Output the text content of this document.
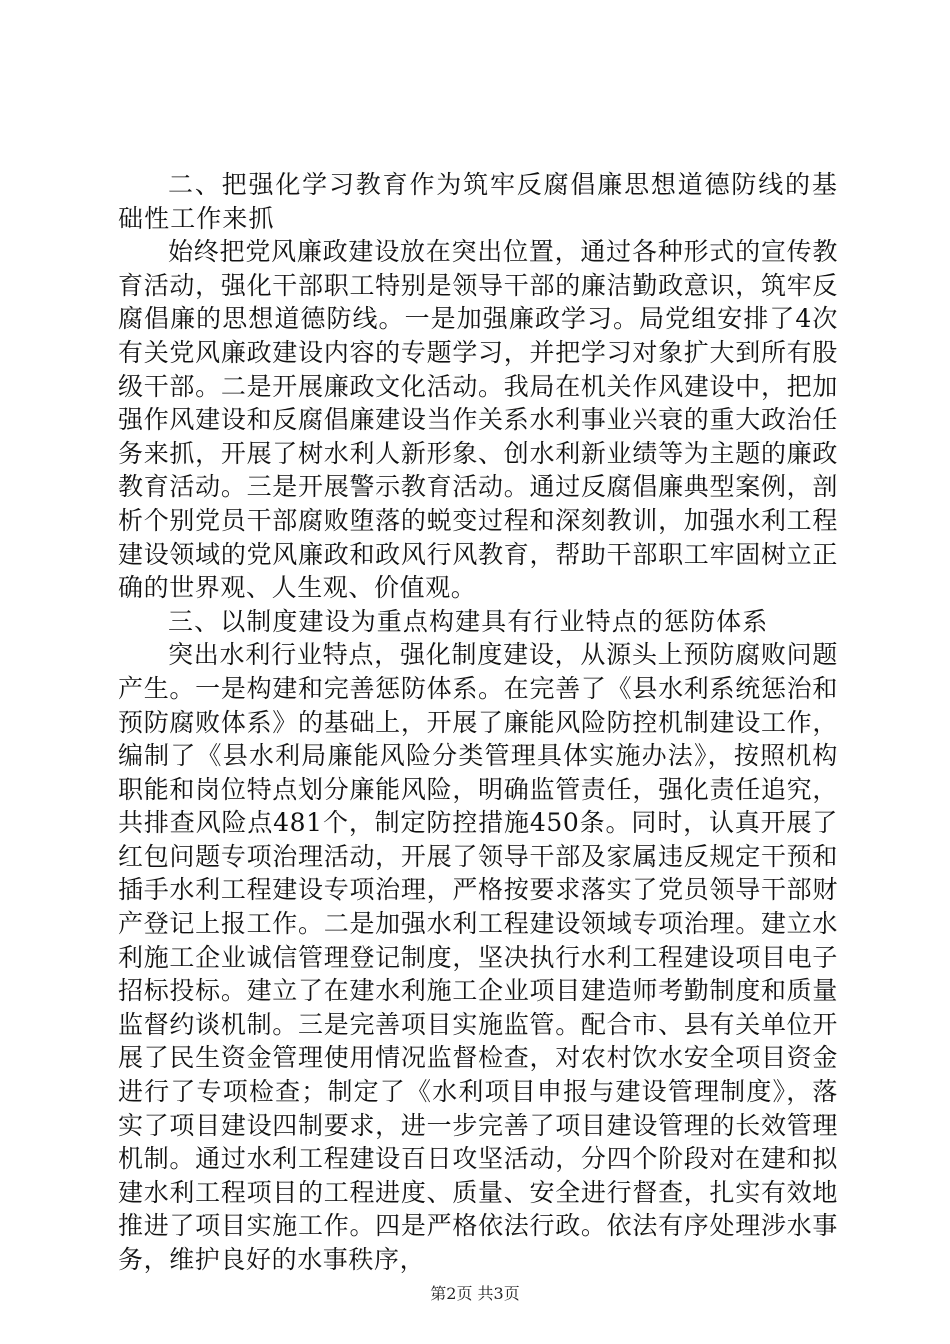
二、把强化学习教育作为筑牢反腐倡廉思想道德防线的基础性工作来抓

始终把党风廉政建设放在突出位置，通过各种形式的宣传教育活动，强化干部职工特别是领导干部的廉洁勤政意识，筑牢反腐倡廉的思想道德防线。一是加强廉政学习。局党组安排了4次有关党风廉政建设内容的专题学习，并把学习对象扩大到所有股级干部。二是开展廉政文化活动。我局在机关作风建设中，把加强作风建设和反腐倡廉建设当作关系水利事业兴衰的重大政治任务来抓，开展了树水利人新形象、创水利新业绩等为主题的廉政教育活动。三是开展警示教育活动。通过反腐倡廉典型案例，剖析个别党员干部腐败堕落的蜕变过程和深刻教训，加强水利工程建设领域的党风廉政和政风行风教育，帮助干部职工牢固树立正确的世界观、人生观、价值观。

三、以制度建设为重点构建具有行业特点的惩防体系

突出水利行业特点，强化制度建设，从源头上预防腐败问题产生。一是构建和完善惩防体系。在完善了《县水利系统惩治和预防腐败体系》的基础上，开展了廉能风险防控机制建设工作，编制了《县水利局廉能风险分类管理具体实施办法》，按照机构职能和岗位特点划分廉能风险，明确监管责任，强化责任追究，共排查风险点481个，制定防控措施450条。同时，认真开展了红包问题专项治理活动，开展了领导干部及家属违反规定干预和插手水利工程建设专项治理，严格按要求落实了党员领导干部财产登记上报工作。二是加强水利工程建设领域专项治理。建立水利施工企业诚信管理登记制度，坚决执行水利工程建设项目电子招标投标。建立了在建水利施工企业项目建造师考勤制度和质量监督约谈机制。三是完善项目实施监管。配合市、县有关单位开展了民生资金管理使用情况监督检查，对农村饮水安全项目资金进行了专项检查；制定了《水利项目申报与建设管理制度》，落实了项目建设四制要求，进一步完善了项目建设管理的长效管理机制。通过水利工程建设百日攻坚活动，分四个阶段对在建和拟建水利工程项目的工程进度、质量、安全进行督查，扎实有效地推进了项目实施工作。四是严格依法行政。依法有序处理涉水事务，维护良好的水事秩序，

第2页 共3页
